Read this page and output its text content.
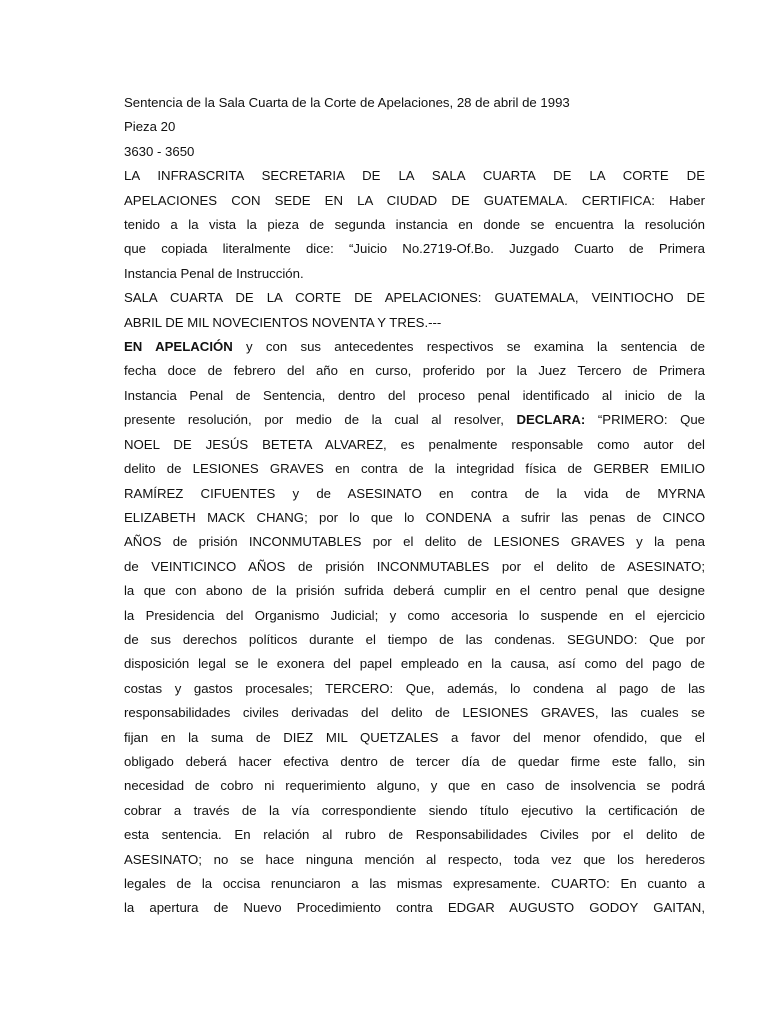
Sentencia de la Sala Cuarta de la Corte de Apelaciones, 28 de abril de 1993
Pieza 20
3630 - 3650
LA INFRASCRITA SECRETARIA DE LA SALA CUARTA DE LA CORTE DE
APELACIONES CON SEDE EN LA CIUDAD DE GUATEMALA. CERTIFICA: Haber
tenido a la vista la pieza de segunda instancia en donde se encuentra la resolución
que copiada literalmente dice: “Juicio No.2719-Of.Bo. Juzgado Cuarto de Primera
Instancia Penal de Instrucción.
SALA CUARTA DE LA CORTE DE APELACIONES: GUATEMALA, VEINTIOCHO DE
ABRIL DE MIL NOVECIENTOS NOVENTA Y TRES.---
EN APELACIÓN y con sus antecedentes respectivos se examina la sentencia de
fecha doce de febrero del año en curso, proferido por la Juez Tercero de Primera
Instancia Penal de Sentencia, dentro del proceso penal identificado al inicio de la
presente resolución, por medio de la cual al resolver, DECLARA: “PRIMERO: Que
NOEL DE JESÚS BETETA ALVAREZ, es penalmente responsable como autor del
delito de LESIONES GRAVES en contra de la integridad física de GERBER EMILIO
RAMÍREZ CIFUENTES y de ASESINATO en contra de la vida de MYRNA
ELIZABETH MACK CHANG; por lo que lo CONDENA a sufrir las penas de CINCO
AÑOS de prisión INCONMUTABLES por el delito de LESIONES GRAVES y la pena
de VEINTICINCO AÑOS de prisión INCONMUTABLES por el delito de ASESINATO;
la que con abono de la prisión sufrida deberá cumplir en el centro penal que designe
la Presidencia del Organismo Judicial; y como accesoria lo suspende en el ejercicio
de sus derechos políticos durante el tiempo de las condenas. SEGUNDO: Que por
disposición legal se le exonera del papel empleado en la causa, así como del pago de
costas y gastos procesales; TERCERO: Que, además, lo condena al pago de las
responsabilidades civiles derivadas del delito de LESIONES GRAVES, las cuales se
fijan en la suma de DIEZ MIL QUETZALES a favor del menor ofendido, que el
obligado deberá hacer efectiva dentro de tercer día de quedar firme este fallo, sin
necesidad de cobro ni requerimiento alguno, y que en caso de insolvencia se podrá
cobrar a través de la vía correspondiente siendo título ejecutivo la certificación de
esta sentencia. En relación al rubro de Responsabilidades Civiles por el delito de
ASESINATO; no se hace ninguna mención al respecto, toda vez que los herederos
legales de la occisa renunciaron a las mismas expresamente. CUARTO: En cuanto a
la apertura de Nuevo Procedimiento contra EDGAR AUGUSTO GODOY GAITAN,
